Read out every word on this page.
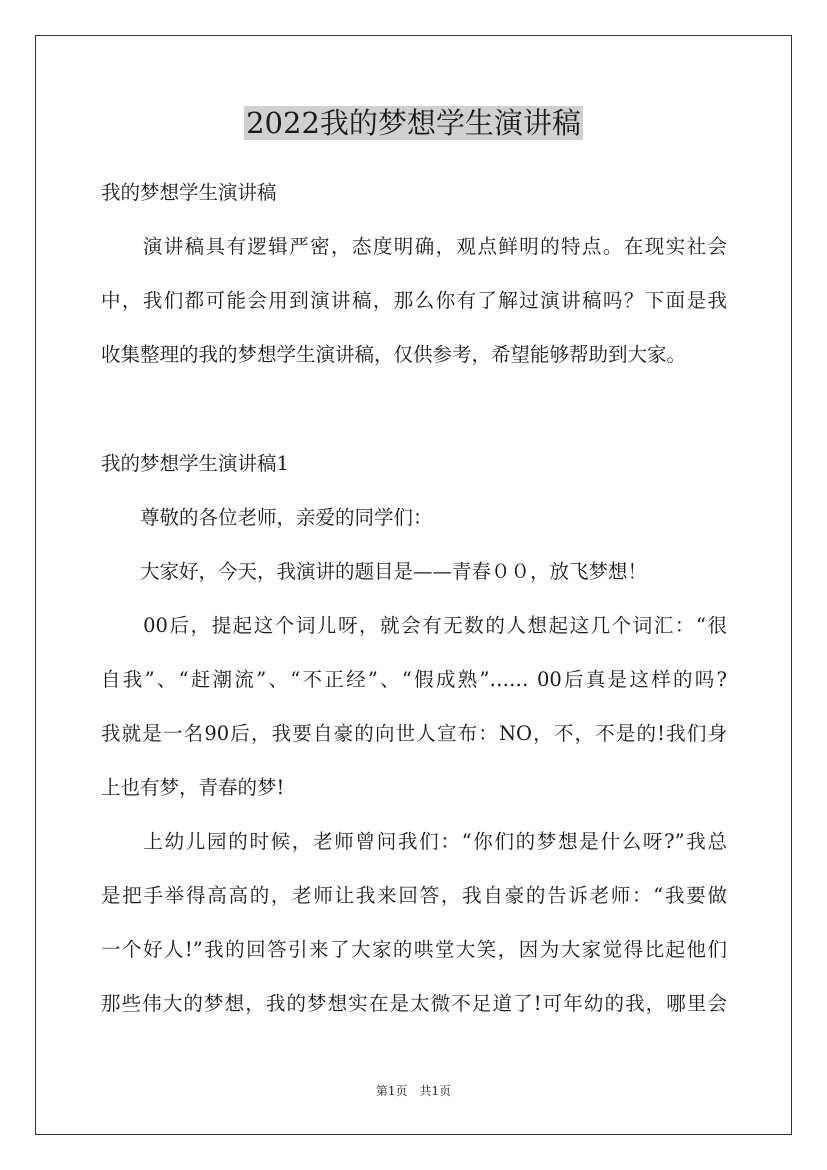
2022我的梦想学生演讲稿
我的梦想学生演讲稿
　　演讲稿具有逻辑严密，态度明确，观点鲜明的特点。在现实社会
中，我们都可能会用到演讲稿，那么你有了解过演讲稿吗？下面是我
收集整理的我的梦想学生演讲稿，仅供参考，希望能够帮助到大家。
我的梦想学生演讲稿1
　　尊敬的各位老师，亲爱的同学们：
　　大家好，今天，我演讲的题目是——青春００，放飞梦想！
　　00后，提起这个词儿呀，就会有无数的人想起这几个词汇：“很
自我”、“赶潮流”、“不正经”、“假成熟”…… 00后真是这样的吗?
我就是一名90后，我要自豪的向世人宣布：NO，不，不是的!我们身
上也有梦，青春的梦!
　　上幼儿园的时候，老师曾问我们：“你们的梦想是什么呀?”我总
是把手举得高高的，老师让我来回答，我自豪的告诉老师：“我要做
一个好人!”我的回答引来了大家的哄堂大笑，因为大家觉得比起他们
那些伟大的梦想，我的梦想实在是太微不足道了!可年幼的我，哪里会
第1页　共1页
